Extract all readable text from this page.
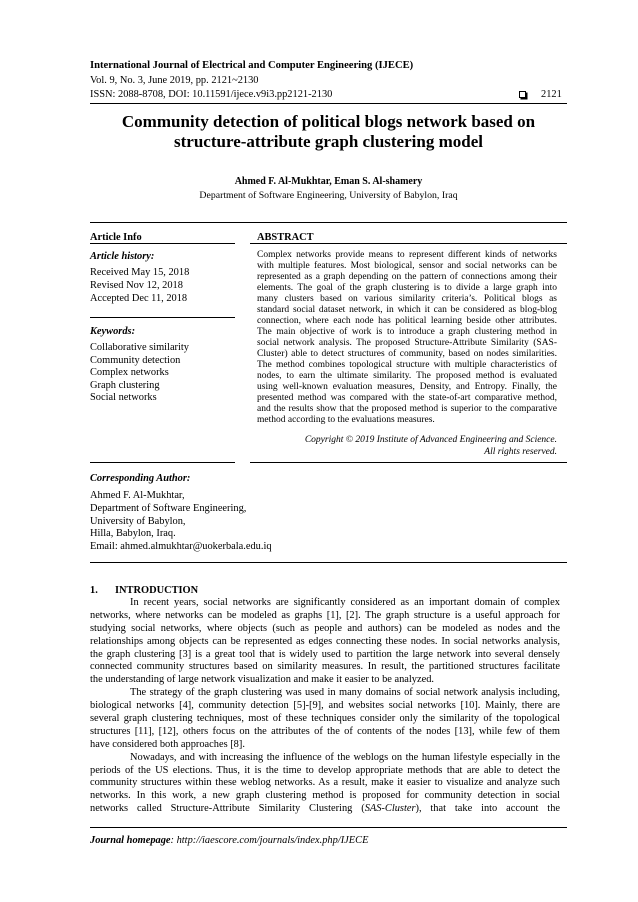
International Journal of Electrical and Computer Engineering (IJECE)
Vol. 9, No. 3, June 2019, pp. 2121~2130
ISSN: 2088-8708, DOI: 10.11591/ijece.v9i3.pp2121-2130	2121
Community detection of political blogs network based on
structure-attribute graph clustering model
Ahmed F. Al-Mukhtar, Eman S. Al-shamery
Department of Software Engineering, University of Babylon, Iraq
Article Info	ABSTRACT
Article history:
Received May 15, 2018
Revised Nov 12, 2018
Accepted Dec 11, 2018
Keywords:
Collaborative similarity
Community detection
Complex networks
Graph clustering
Social networks
Complex networks provide means to represent different kinds of networks
with multiple features. Most biological, sensor and social networks can be
represented as a graph depending on the pattern of connections among their
elements. The goal of the graph clustering is to divide a large graph into
many clusters based on various similarity criteria’s. Political blogs as
standard social dataset network, in which it can be considered as blog-blog
connection, where each node has political learning beside other attributes.
The main objective of work is to introduce a graph clustering method in
social network analysis. The proposed Structure-Attribute Similarity (SAS-
Cluster) able to detect structures of community, based on nodes similarities.
The method combines topological structure with multiple characteristics of
nodes, to earn the ultimate similarity. The proposed method is evaluated
using well-known evaluation measures, Density, and Entropy. Finally, the
presented method was compared with the state-of-art comparative method,
and the results show that the proposed method is superior to the comparative
method according to the evaluations measures.
Copyright © 2019 Institute of Advanced Engineering and Science.
All rights reserved.
Corresponding Author:
Ahmed F. Al-Mukhtar,
Department of Software Engineering,
University of Babylon,
Hilla, Babylon, Iraq.
Email: ahmed.almukhtar@uokerbala.edu.iq
1. INTRODUCTION
In recent years, social networks are significantly considered as an important domain of complex
networks, where networks can be modeled as graphs [1], [2]. The graph structure is a useful approach for
studying social networks, where objects (such as people and authors) can be modeled as nodes and the
relationships among objects can be represented as edges connecting these nodes. In social networks analysis,
the graph clustering [3] is a great tool that is widely used to partition the large network into several densely
connected community structures based on similarity measures. In result, the partitioned structures facilitate
the understanding of large network visualization and make it easier to be analyzed.
The strategy of the graph clustering was used in many domains of social network analysis including,
biological networks [4], community detection [5]-[9], and websites social networks [10]. Mainly, there are
several graph clustering techniques, most of these techniques consider only the similarity of the topological
structures [11], [12], others focus on the attributes of the of contents of the nodes [13], while few of them
have considered both approaches [8].
Nowadays, and with increasing the influence of the weblogs on the human lifestyle especially in the
periods of the US elections. Thus, it is the time to develop appropriate methods that are able to detect the
community structures within these weblog networks. As a result, make it easier to visualize and analyze such
networks. In this work, a new graph clustering method is proposed for community detection in social
networks called Structure-Attribute Similarity Clustering (SAS-Cluster), that take into account the
Journal homepage: http://iaescore.com/journals/index.php/IJECE
